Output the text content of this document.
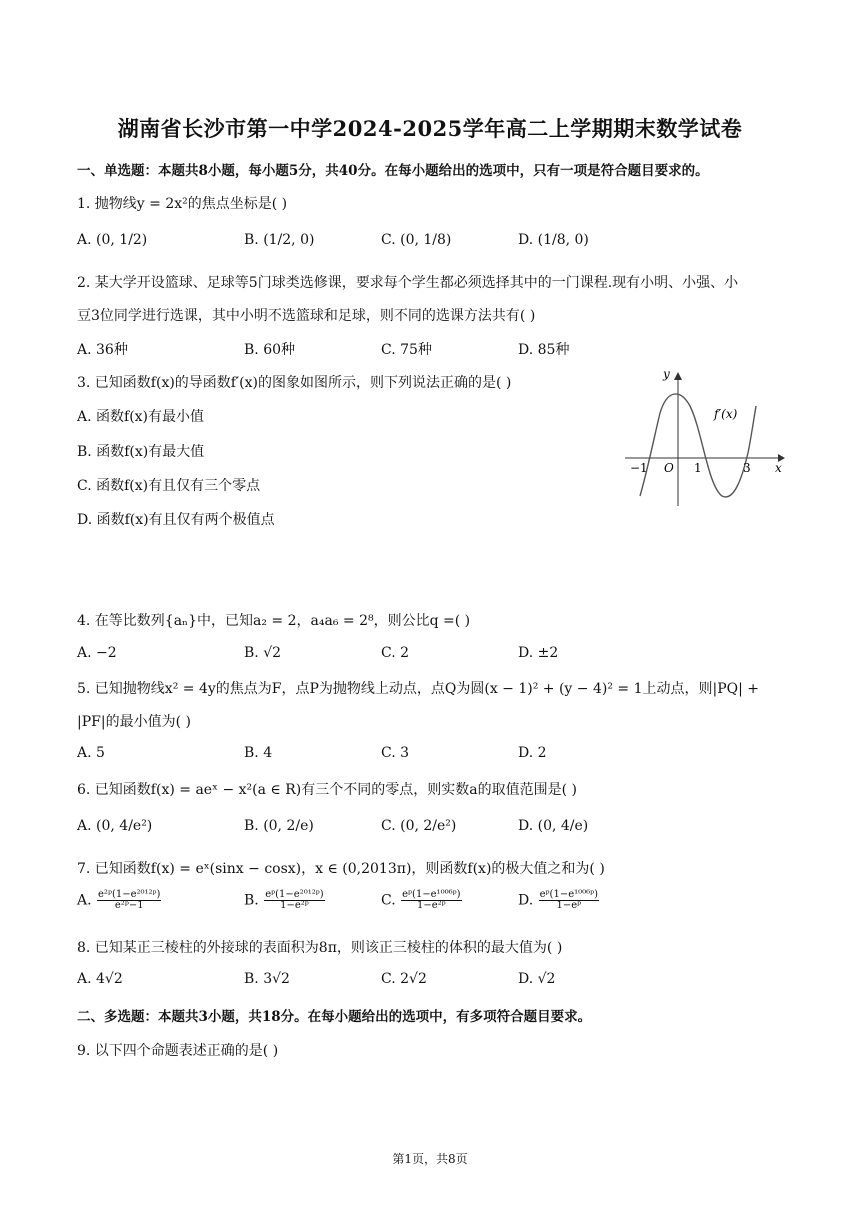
湖南省长沙市第一中学2024-2025学年高二上学期期末数学试卷
一、单选题：本题共8小题，每小题5分，共40分。在每小题给出的选项中，只有一项是符合题目要求的。
1. 抛物线y = 2x²的焦点坐标是( )
A. (0, 1/2)	B. (1/2, 0)	C. (0, 1/8)	D. (1/8, 0)
2. 某大学开设篮球、足球等5门球类选修课，要求每个学生都必须选择其中的一门课程.现有小明、小强、小
豆3位同学进行选课，其中小明不选篮球和足球，则不同的选课方法共有( )
A. 36种	B. 60种	C. 75种	D. 85种
3. 已知函数f(x)的导函数f′(x)的图象如图所示，则下列说法正确的是( )
A. 函数f(x)有最小值
B. 函数f(x)有最大值
C. 函数f(x)有且仅有三个零点
D. 函数f(x)有且仅有两个极值点
y
x
O
−1	1	3
f′(x)
4. 在等比数列{aₙ}中，已知a₂ = 2，a₄a₆ = 2⁸，则公比q =( )
A. −2	B. √2	C. 2	D. ±2
5. 已知抛物线x² = 4y的焦点为F，点P为抛物线上动点，点Q为圆(x − 1)² + (y − 4)² = 1上动点，则|PQ| +
|PF|的最小值为( )
A. 5	B. 4	C. 3	D. 2
6. 已知函数f(x) = aeˣ − x²(a ∈ R)有三个不同的零点，则实数a的取值范围是( )
A. (0, 4/e²)	B. (0, 2/e)	C. (0, 2/e²)	D. (0, 4/e)
7. 已知函数f(x) = eˣ(sinx − cosx)，x ∈ (0,2013π)，则函数f(x)的极大值之和为( )
A. $\frac{\text{e²ᵖ(1−e²⁰¹²ᵖ)}}{\text{e²ᵖ−1}}$	B. $\frac{\text{eᵖ(1−e²⁰¹²ᵖ)}}{\text{1−e²ᵖ}}$	C. $\frac{\text{eᵖ(1−e¹⁰⁰⁶ᵖ)}}{\text{1−e²ᵖ}}$	D. $\frac{\text{eᵖ(1−e¹⁰⁰⁶ᵖ)}}{\text{1−eᵖ}}$
8. 已知某正三棱柱的外接球的表面积为8π，则该正三棱柱的体积的最大值为( )
A. 4√2	B. 3√2	C. 2√2	D. √2
二、多选题：本题共3小题，共18分。在每小题给出的选项中，有多项符合题目要求。
9. 以下四个命题表述正确的是( )
第1页，共8页
